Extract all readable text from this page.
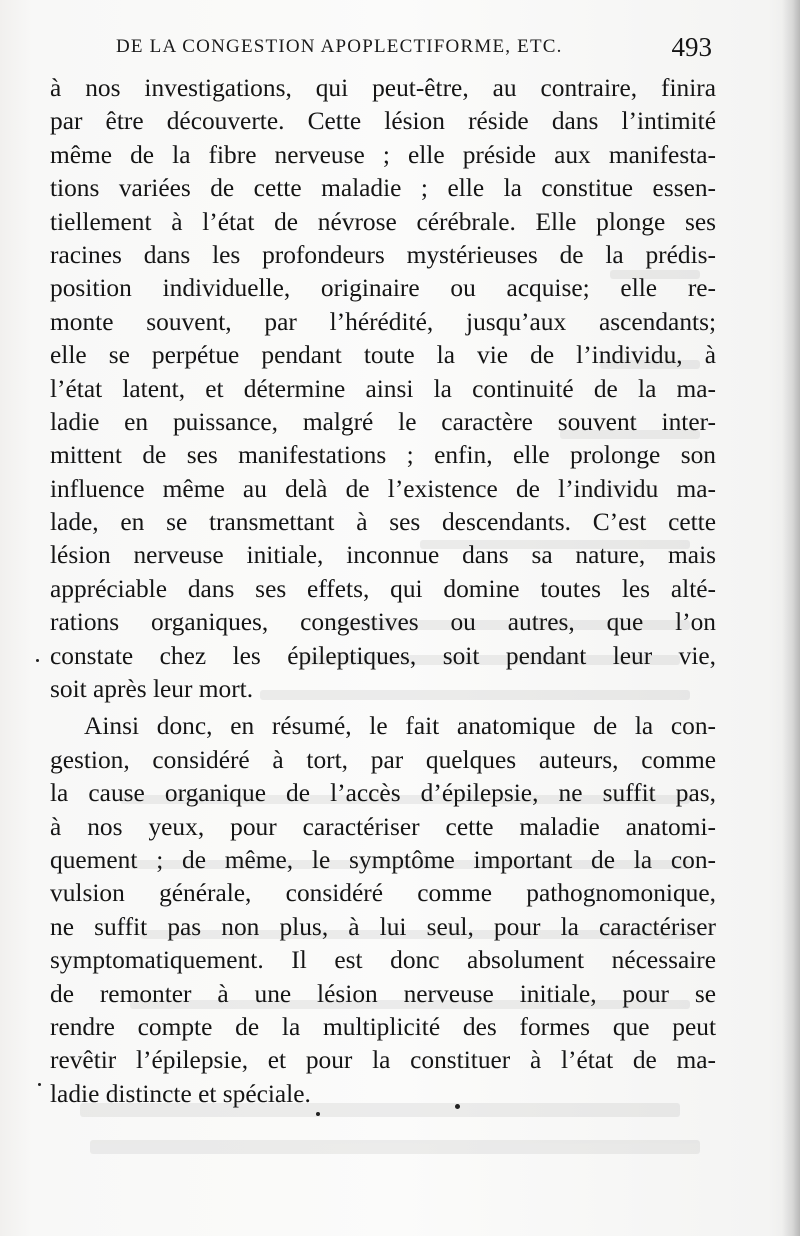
DE LA CONGESTION APOPLECTIFORME, ETC.	493
à nos investigations, qui peut-être, au contraire, finira
par être découverte. Cette lésion réside dans l’intimité
même de la fibre nerveuse ; elle préside aux manifesta-
tions variées de cette maladie ; elle la constitue essen-
tiellement à l’état de névrose cérébrale. Elle plonge ses
racines dans les profondeurs mystérieuses de la prédis-
position individuelle, originaire ou acquise; elle re-
monte souvent, par l’hérédité, jusqu’aux ascendants;
elle se perpétue pendant toute la vie de l’individu, à
l’état latent, et détermine ainsi la continuité de la ma-
ladie en puissance, malgré le caractère souvent inter-
mittent de ses manifestations ; enfin, elle prolonge son
influence même au delà de l’existence de l’individu ma-
lade, en se transmettant à ses descendants. C’est cette
lésion nerveuse initiale, inconnue dans sa nature, mais
appréciable dans ses effets, qui domine toutes les alté-
rations organiques, congestives ou autres, que l’on
constate chez les épileptiques, soit pendant leur vie,
soit après leur mort.
Ainsi donc, en résumé, le fait anatomique de la con-
gestion, considéré à tort, par quelques auteurs, comme
la cause organique de l’accès d’épilepsie, ne suffit pas,
à nos yeux, pour caractériser cette maladie anatomi-
quement ; de même, le symptôme important de la con-
vulsion générale, considéré comme pathognomonique,
ne suffit pas non plus, à lui seul, pour la caractériser
symptomatiquement. Il est donc absolument nécessaire
de remonter à une lésion nerveuse initiale, pour se
rendre compte de la multiplicité des formes que peut
revêtir l’épilepsie, et pour la constituer à l’état de ma-
ladie distincte et spéciale.
